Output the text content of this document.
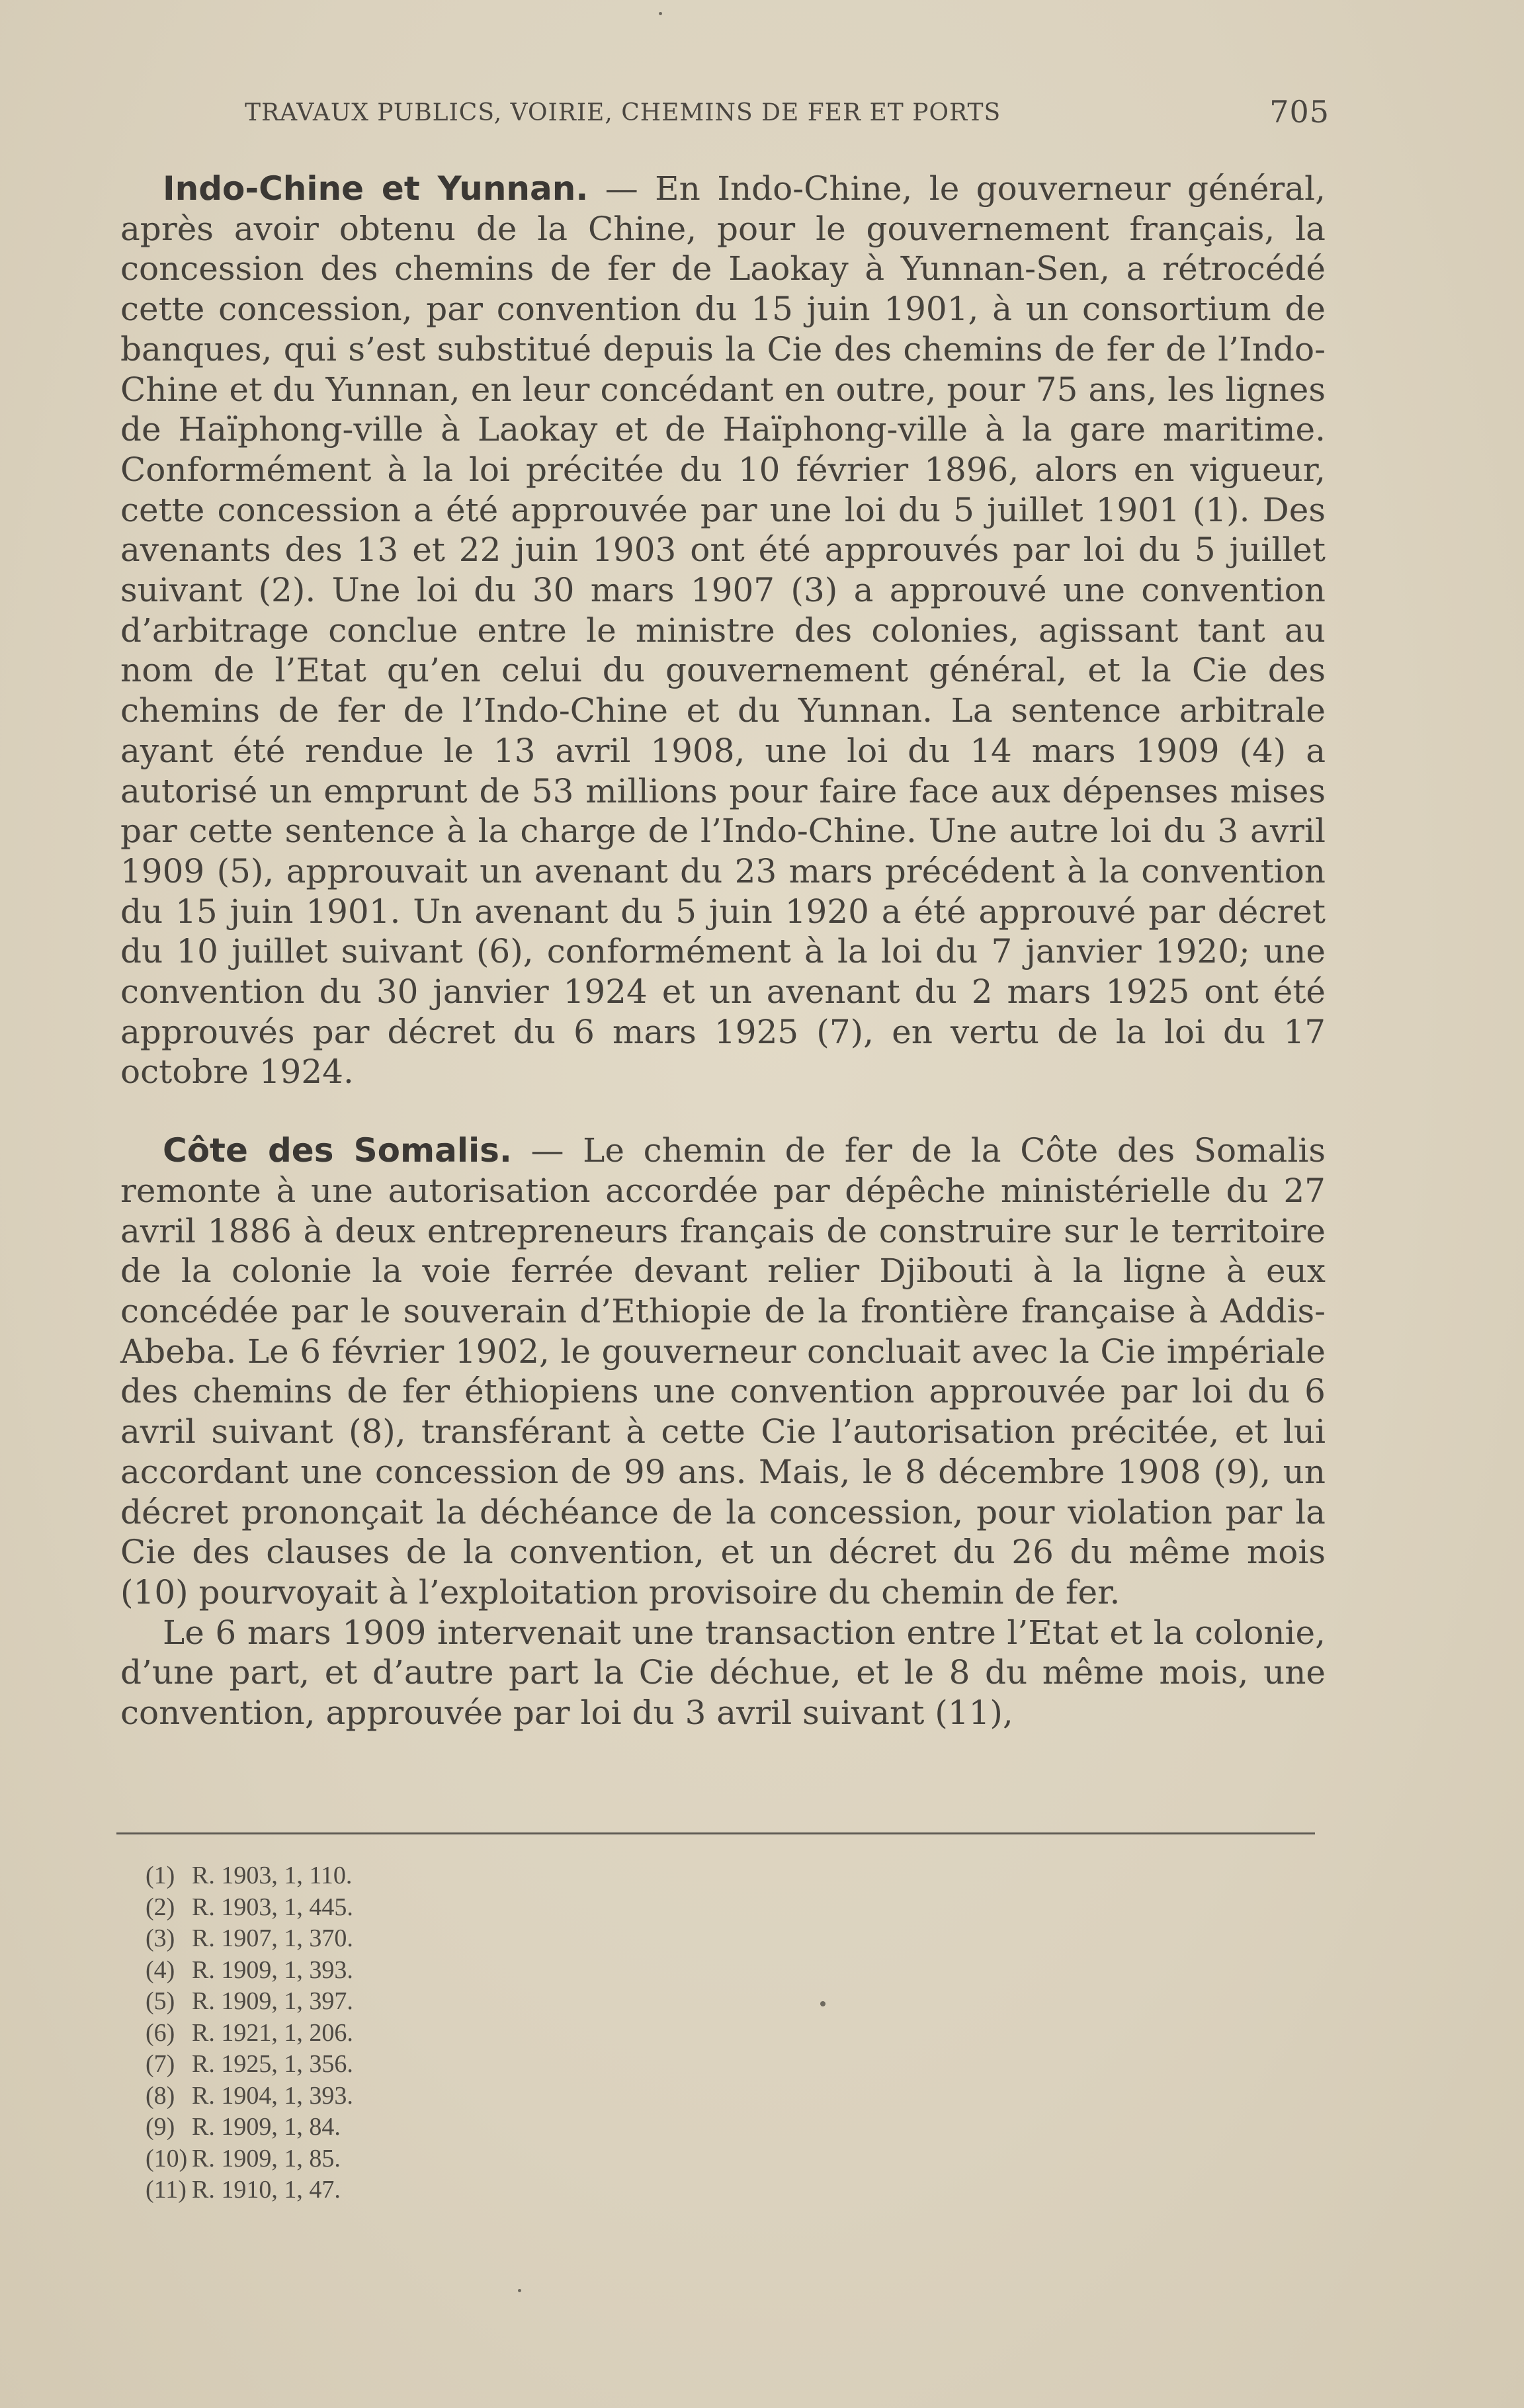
TRAVAUX PUBLICS, VOIRIE, CHEMINS DE FER ET PORTS	705

Indo-Chine et Yunnan. — En Indo-Chine, le gouverneur général, après avoir obtenu de la Chine, pour le gouvernement français, la concession des chemins de fer de Laokay à Yunnan-Sen, a rétrocédé cette concession, par convention du 15 juin 1901, à un consortium de banques, qui s’est substitué depuis la Cie des chemins de fer de l’Indo-Chine et du Yunnan, en leur concédant en outre, pour 75 ans, les lignes de Haïphong-ville à Laokay et de Haïphong-ville à la gare maritime. Conformément à la loi précitée du 10 février 1896, alors en vigueur, cette concession a été approuvée par une loi du 5 juillet 1901 (1). Des avenants des 13 et 22 juin 1903 ont été approuvés par loi du 5 juillet suivant (2). Une loi du 30 mars 1907 (3) a approuvé une convention d’arbitrage conclue entre le ministre des colonies, agissant tant au nom de l’Etat qu’en celui du gouvernement général, et la Cie des chemins de fer de l’Indo-Chine et du Yunnan. La sentence arbitrale ayant été rendue le 13 avril 1908, une loi du 14 mars 1909 (4) a autorisé un emprunt de 53 millions pour faire face aux dépenses mises par cette sentence à la charge de l’Indo-Chine. Une autre loi du 3 avril 1909 (5), approuvait un avenant du 23 mars précédent à la convention du 15 juin 1901. Un avenant du 5 juin 1920 a été approuvé par décret du 10 juillet suivant (6), conformément à la loi du 7 janvier 1920; une convention du 30 janvier 1924 et un avenant du 2 mars 1925 ont été approuvés par décret du 6 mars 1925 (7), en vertu de la loi du 17 octobre 1924.

Côte des Somalis. — Le chemin de fer de la Côte des Somalis remonte à une autorisation accordée par dépêche ministérielle du 27 avril 1886 à deux entrepreneurs français de construire sur le territoire de la colonie la voie ferrée devant relier Djibouti à la ligne à eux concédée par le souverain d’Ethiopie de la frontière française à Addis-Abeba. Le 6 février 1902, le gouverneur concluait avec la Cie impériale des chemins de fer éthiopiens une convention approuvée par loi du 6 avril suivant (8), transférant à cette Cie l’autorisation précitée, et lui accordant une concession de 99 ans. Mais, le 8 décembre 1908 (9), un décret prononçait la déchéance de la concession, pour violation par la Cie des clauses de la convention, et un décret du 26 du même mois (10) pourvoyait à l’exploitation provisoire du chemin de fer.

Le 6 mars 1909 intervenait une transaction entre l’Etat et la colonie, d’une part, et d’autre part la Cie déchue, et le 8 du même mois, une convention, approuvée par loi du 3 avril suivant (11),

(1) R. 1903, 1, 110.
(2) R. 1903, 1, 445.
(3) R. 1907, 1, 370.
(4) R. 1909, 1, 393.
(5) R. 1909, 1, 397.
(6) R. 1921, 1, 206.
(7) R. 1925, 1, 356.
(8) R. 1904, 1, 393.
(9) R. 1909, 1, 84.
(10) R. 1909, 1, 85.
(11) R. 1910, 1, 47.
